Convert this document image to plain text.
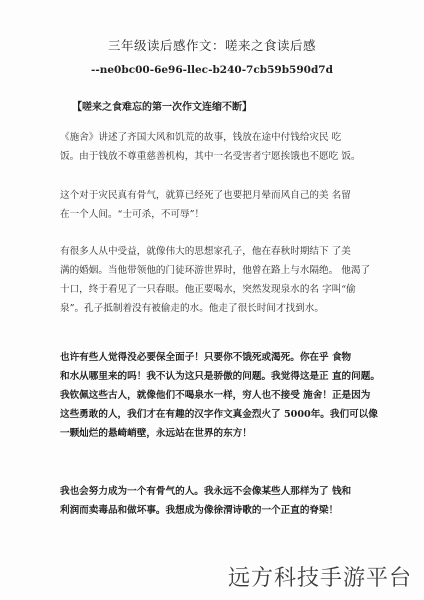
三年级读后感作文：嗟来之食读后感
--ne0bc00-6e96-llec-b240-7cb59b590d7d
【嗟来之食难忘的第一次作文连缩不断】

《施舍》讲述了齐国大风和饥荒的故事，钱放在途中付钱给灾民 吃
饭。由于钱放不尊重慈善机构，其中一名受害者宁愿挨饿也不愿吃 饭。

这个对于灾民真有骨气，就算已经死了也要把月晕而风自己的美 名留
在一个人间。“士可杀，不可辱”！

有很多人从中受益，就像伟大的思想家孔子，他在春秋时期结下 了美
满的婚姻。当他带领他的门徒环游世界时，他曾在路上与水隔绝。 他渴了
十口，终于看见了一只春眼。他正要喝水，突然发现泉水的名 字叫“偷
泉”。孔子抵制着没有被偷走的水。他走了很长时间才找到水。

也许有些人觉得没必要保全面子！只要你不饿死或渴死。你在乎 食物
和水从哪里来的吗！我不认为这只是骄傲的问题。我觉得这是正 直的问题。
我钦佩这些古人，就像他们不喝泉水一样，穷人也不接受 施舍！正是因为
这些勇敢的人，我们才在有趣的汉字作文真金烈火了 5000年。我们可以像
一颗灿烂的悬崎峭壁，永远站在世界的东方！

我也会努力成为一个有骨气的人。我永远不会像某些人那样为了 钱和
利润而卖毒品和做坏事。我想成为像徐渭诗歌的一个正直的脊梁！

远方科技手游平台
